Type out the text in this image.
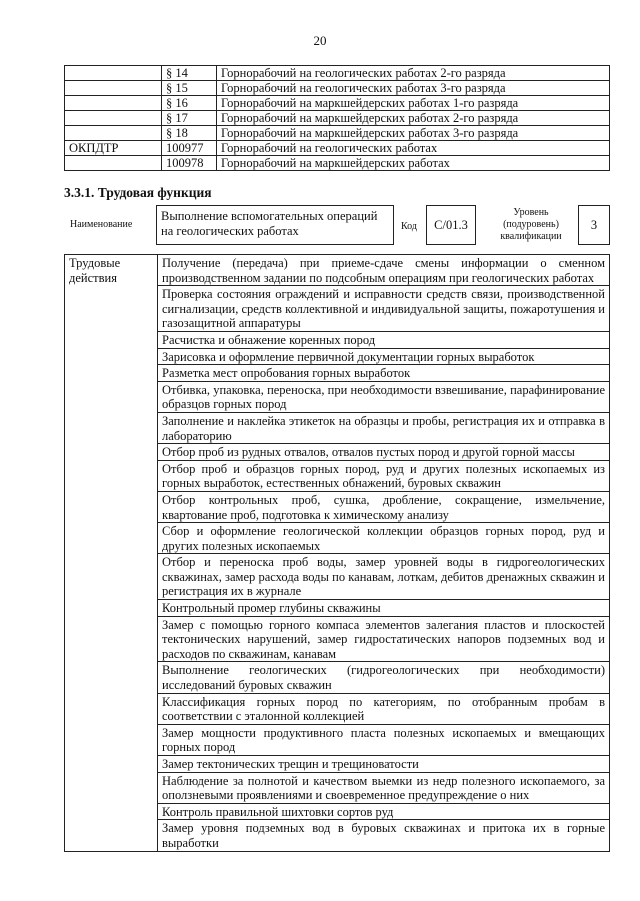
20
	§ 14	Горнорабочий на геологических работах 2-го разряда
	§ 15	Горнорабочий на геологических работах 3-го разряда
	§ 16	Горнорабочий на маркшейдерских работах 1-го разряда
	§ 17	Горнорабочий на маркшейдерских работах 2-го разряда
	§ 18	Горнорабочий на маркшейдерских работах 3-го разряда
ОКПДТР	100977	Горнорабочий на геологических работах
	100978	Горнорабочий на маркшейдерских работах
3.3.1. Трудовая функция
Наименование
Выполнение вспомогательных операций на геологических работах	Код	C/01.3
Уровень (подуровень) квалификации
3
Трудовые действия	Получение (передача) при приеме-сдаче смены информации о сменном производственном задании по подсобным операциям при геологических работах
Проверка состояния ограждений и исправности средств связи, производственной сигнализации, средств коллективной и индивидуальной защиты, пожаротушения и газозащитной аппаратуры
Расчистка и обнажение коренных пород
Зарисовка и оформление первичной документации горных выработок
Разметка мест опробования горных выработок
Отбивка, упаковка, переноска, при необходимости взвешивание, парафинирование образцов горных пород
Заполнение и наклейка этикеток на образцы и пробы, регистрация их и отправка в лабораторию
Отбор проб из рудных отвалов, отвалов пустых пород и другой горной массы
Отбор проб и образцов горных пород, руд и других полезных ископаемых из горных выработок, естественных обнажений, буровых скважин
Отбор контрольных проб, сушка, дробление, сокращение, измельчение, квартование проб, подготовка к химическому анализу
Сбор и оформление геологической коллекции образцов горных пород, руд и других полезных ископаемых
Отбор и переноска проб воды, замер уровней воды в гидрогеологических скважинах, замер расхода воды по канавам, лоткам, дебитов дренажных скважин и регистрация их в журнале
Контрольный промер глубины скважины
Замер с помощью горного компаса элементов залегания пластов и плоскостей тектонических нарушений, замер гидростатических напоров подземных вод и расходов по скважинам, канавам
Выполнение геологических (гидрогеологических при необходимости) исследований буровых скважин
Классификация горных пород по категориям, по отобранным пробам в соответствии с эталонной коллекцией
Замер мощности продуктивного пласта полезных ископаемых и вмещающих горных пород
Замер тектонических трещин и трещиноватости
Наблюдение за полнотой и качеством выемки из недр полезного ископаемого, за оползневыми проявлениями и своевременное предупреждение о них
Контроль правильной шихтовки сортов руд
Замер уровня подземных вод в буровых скважинах и притока их в горные выработки
